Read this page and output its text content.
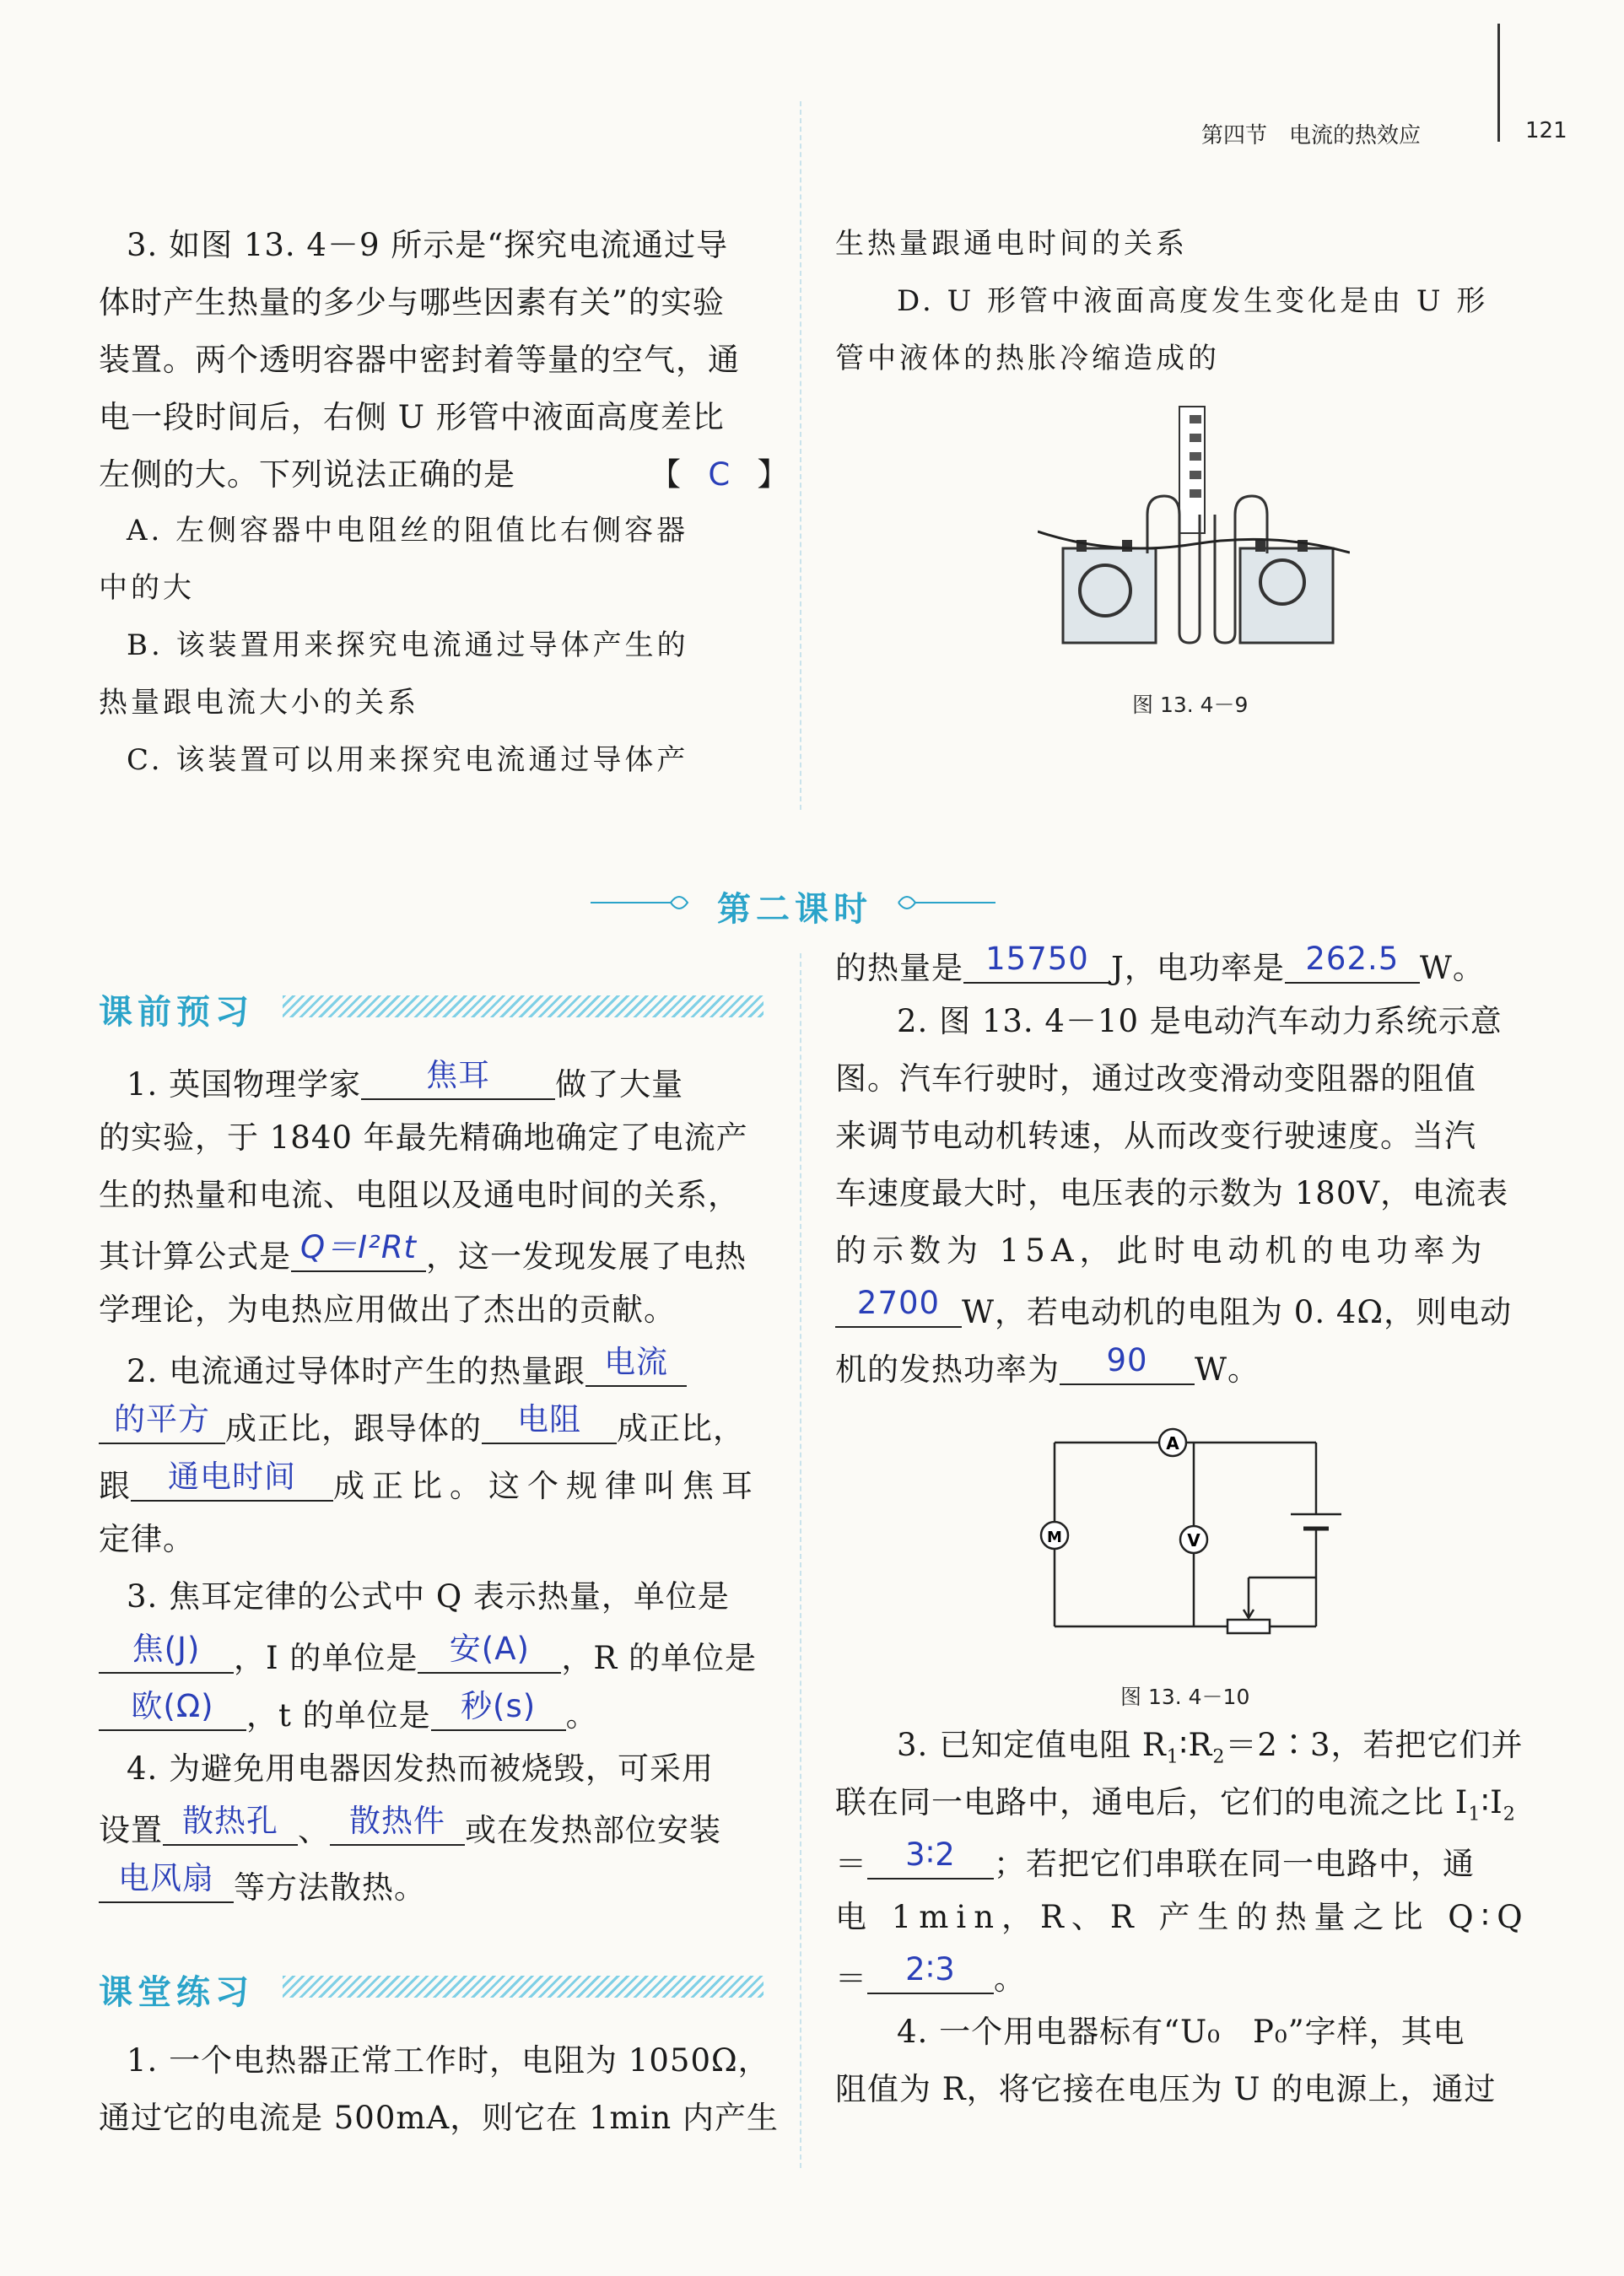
第四节　电流的热效应	121
3. 如图 13. 4－9 所示是“探究电流通过导
体时产生热量的多少与哪些因素有关”的实验
装置。两个透明容器中密封着等量的空气，通
电一段时间后，右侧 U 形管中液面高度差比
左侧的大。下列说法正确的是	【 C 】
A. 左侧容器中电阻丝的阻值比右侧容器
中的大
B. 该装置用来探究电流通过导体产生的
热量跟电流大小的关系
C. 该装置可以用来探究电流通过导体产
生热量跟通电时间的关系
D. U 形管中液面高度发生变化是由 U 形
管中液体的热胀冷缩造成的
图 13. 4－9
第二课时
课前预习
1. 英国物理学家 焦耳 做了大量
的实验，于 1840 年最先精确地确定了电流产
生的热量和电流、电阻以及通电时间的关系，
其计算公式是 Q＝I²Rt ，这一发现发展了电热
学理论，为电热应用做出了杰出的贡献。
2. 电流通过导体时产生的热量跟 电流
的平方 成正比，跟导体的 电阻 成正比，
跟 通电时间 成正比。这个规律叫焦耳
定律。
3. 焦耳定律的公式中 Q 表示热量，单位是
焦(J) ，I 的单位是 安(A) ，R 的单位是
欧(Ω) ，t 的单位是 秒(s) 。
4. 为避免用电器因发热而被烧毁，可采用
设置 散热孔 、 散热件 或在发热部位安装
电风扇 等方法散热。
课堂练习
1. 一个电热器正常工作时，电阻为 1050Ω，
通过它的电流是 500mA，则它在 1min 内产生
的热量是 15750 J，电功率是 262.5 W。
2. 图 13. 4－10 是电动汽车动力系统示意
图。汽车行驶时，通过改变滑动变阻器的阻值
来调节电动机转速，从而改变行驶速度。当汽
车速度最大时，电压表的示数为 180V，电流表
的示数为 15A，此时电动机的电功率为
2700 W，若电动机的电阻为 0. 4Ω，则电动
机的发热功率为 90 W。
A
M	V
图 13. 4－10
3. 已知定值电阻 $R_1∶R_2=2∶3$，若把它们并
联在同一电路中，通电后，它们的电流之比 $I_1∶I_2$
＝ 3∶2 ；若把它们串联在同一电路中，通
电 1min，R、R 产生的热量之比 Q∶Q
＝ 2∶3 。
4. 一个用电器标有“U₀　P₀”字样，其电
阻值为 R，将它接在电压为 U 的电源上，通过
